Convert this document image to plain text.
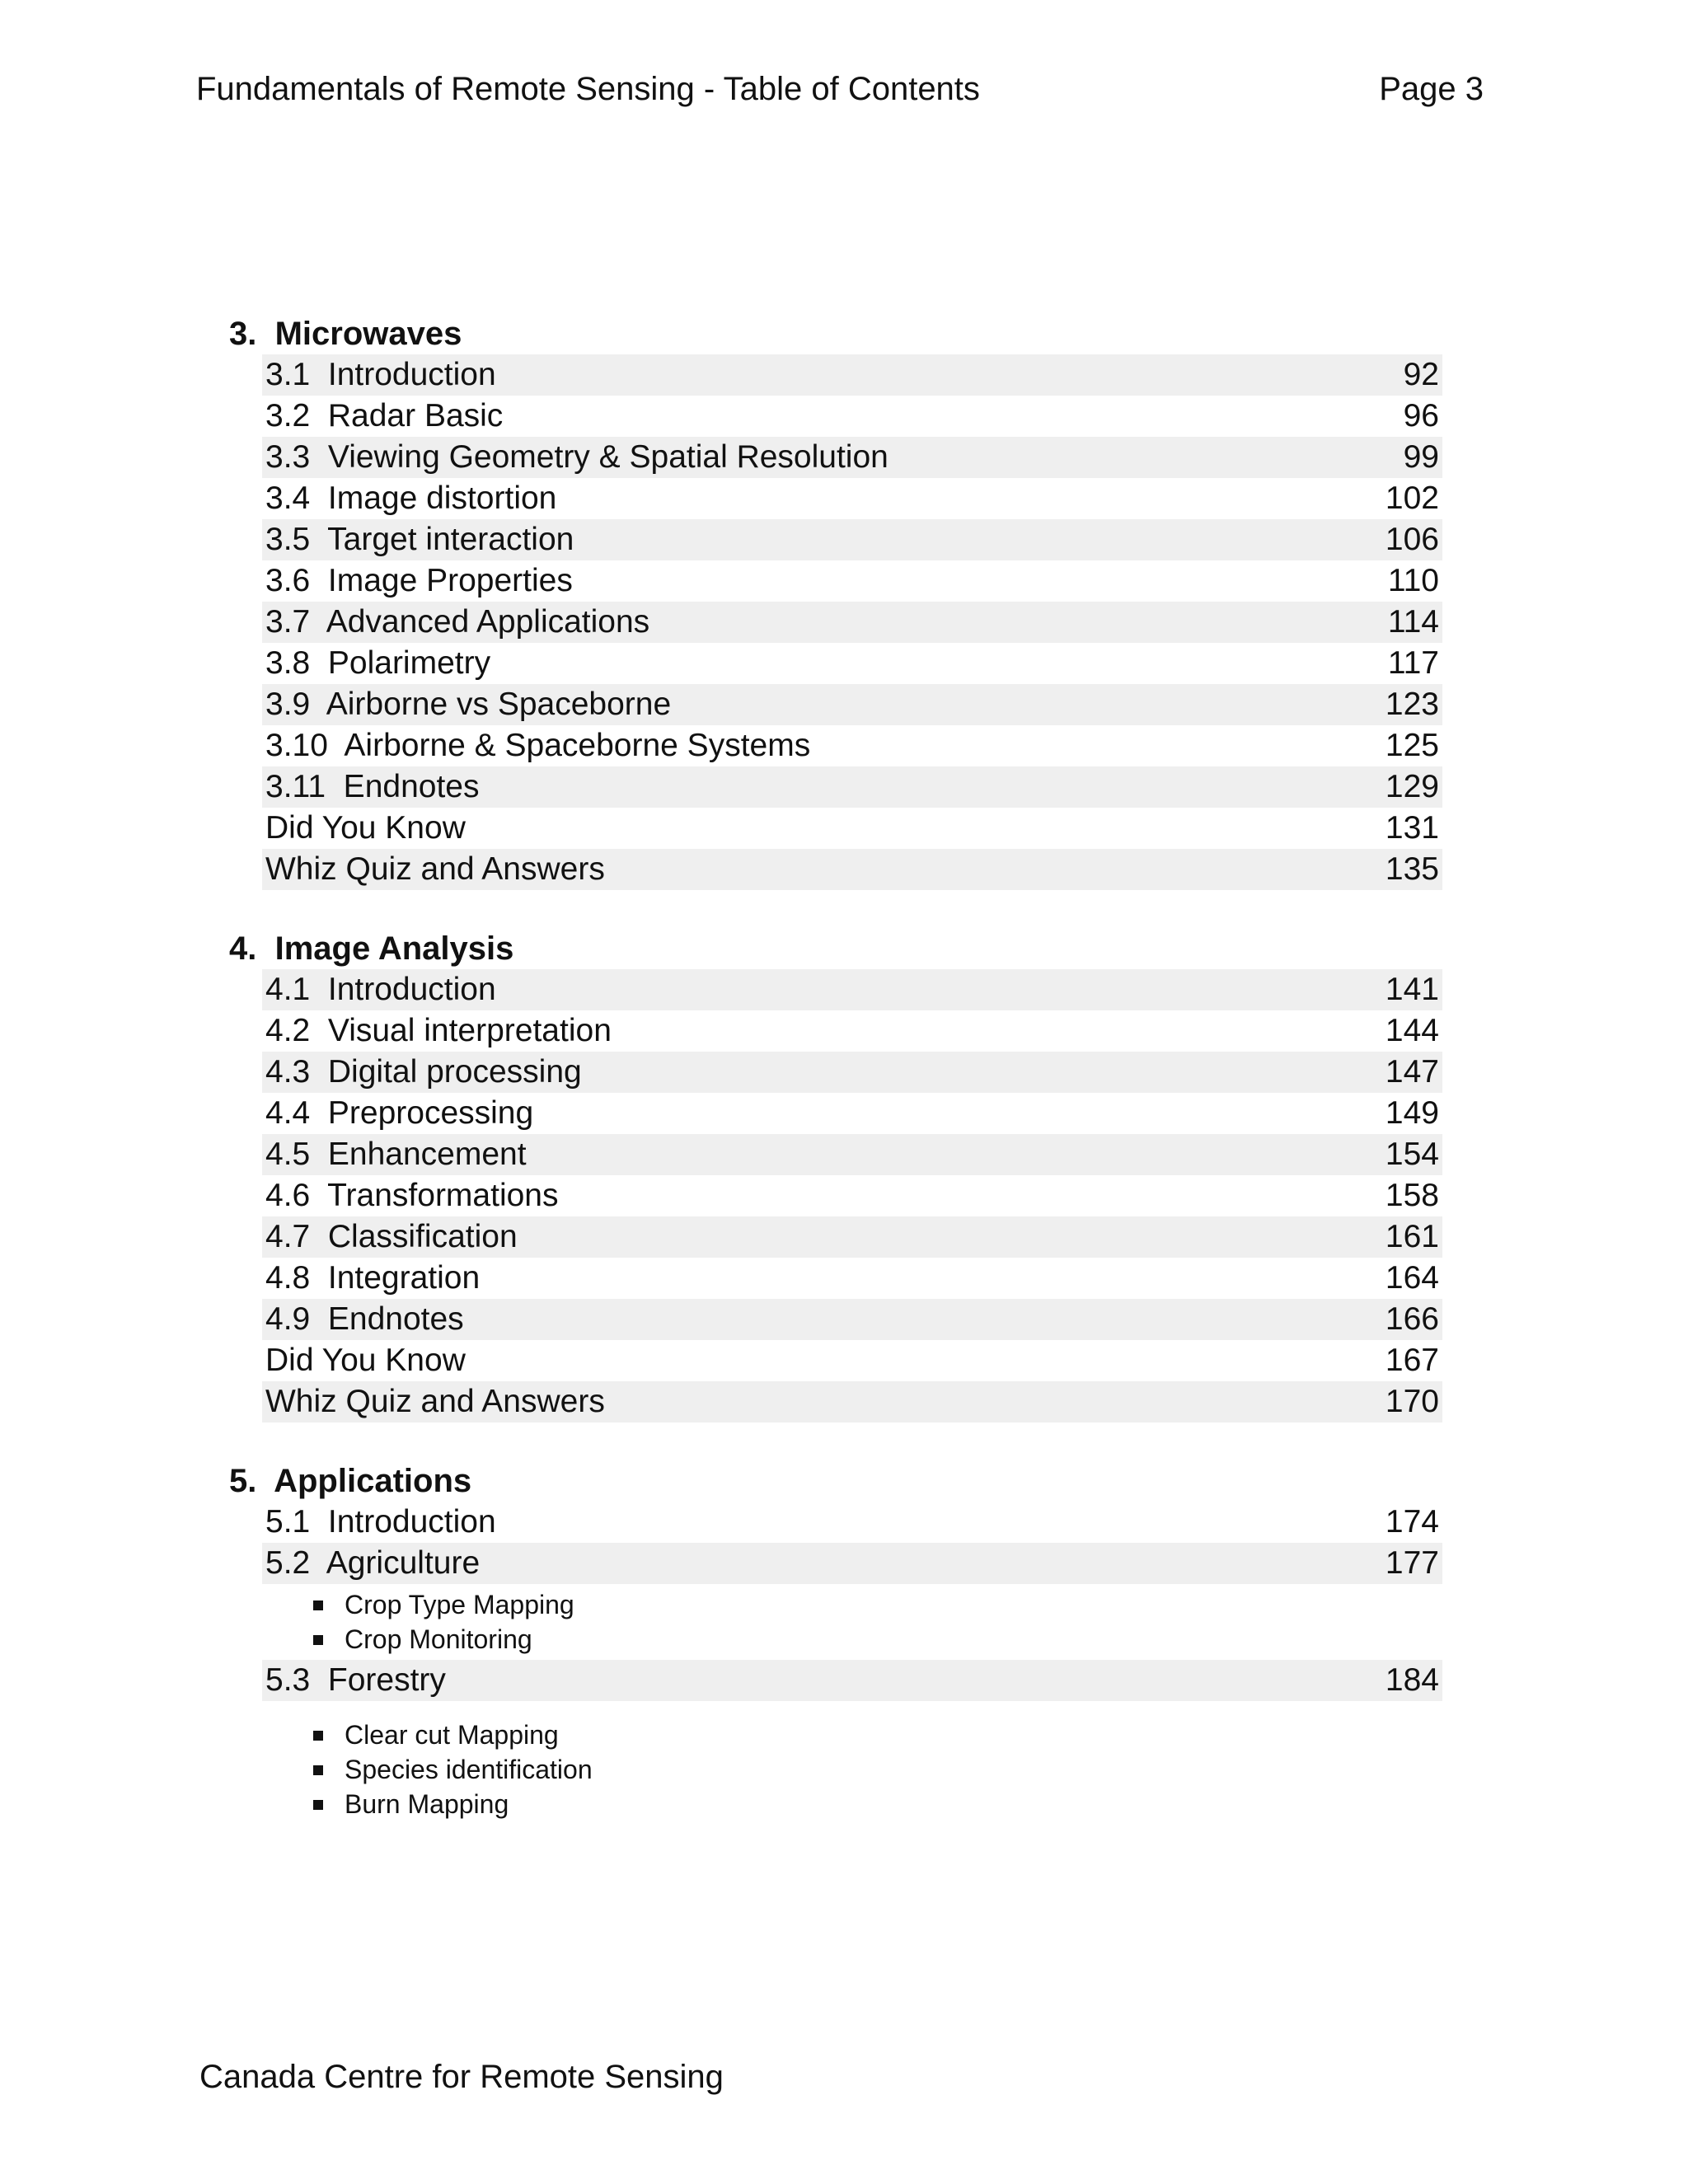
Fundamentals of Remote Sensing - Table of Contents	Page 3
3.  Microwaves
3.1  Introduction	92
3.2  Radar Basic	96
3.3  Viewing Geometry & Spatial Resolution	99
3.4  Image distortion	102
3.5  Target interaction	106
3.6  Image Properties	110
3.7  Advanced Applications	114
3.8  Polarimetry	117
3.9  Airborne vs Spaceborne	123
3.10  Airborne & Spaceborne Systems	125
3.11  Endnotes	129
Did You Know	131
Whiz Quiz and Answers	135
4.  Image Analysis
4.1  Introduction	141
4.2  Visual interpretation	144
4.3  Digital processing	147
4.4  Preprocessing	149
4.5  Enhancement	154
4.6  Transformations	158
4.7  Classification	161
4.8  Integration	164
4.9  Endnotes	166
Did You Know	167
Whiz Quiz and Answers	170
5.  Applications
5.1  Introduction	174
5.2  Agriculture	177
Crop Type Mapping
Crop Monitoring
5.3  Forestry	184
Clear cut Mapping
Species identification
Burn Mapping
Canada Centre for Remote Sensing
